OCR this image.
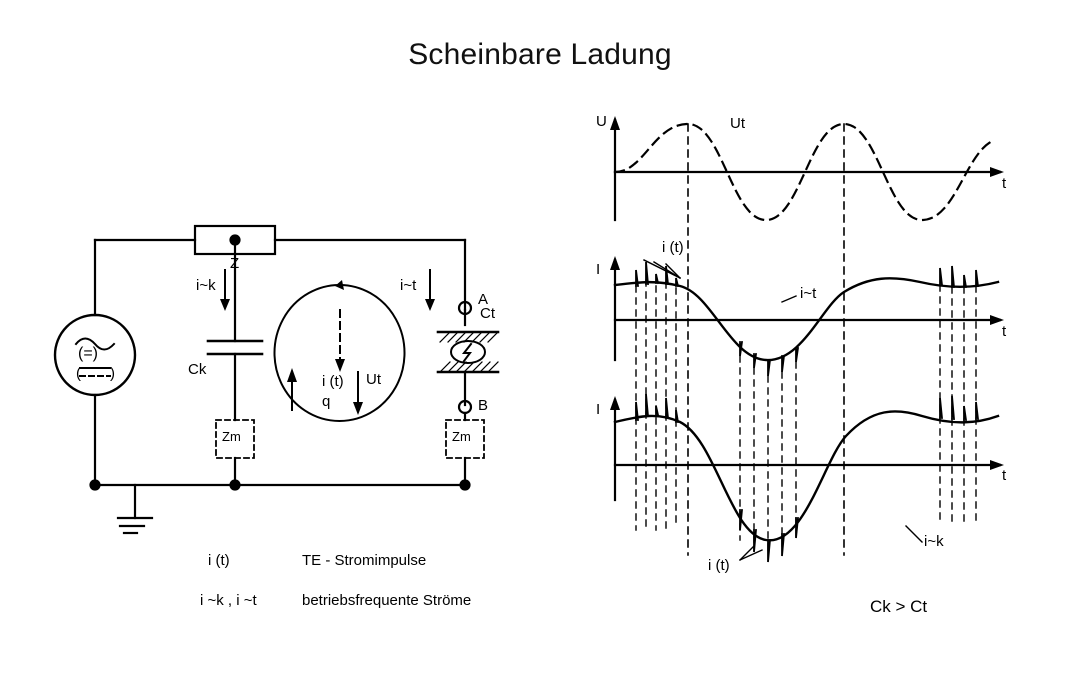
Scheinbare Ladung
( )
Z
i~k	i~t
(=)
Ck
Ct
A
B
Zm	Zm
i (t)
q
Ut
i (t)	TE - Stromimpulse
i ~k , i ~t	betriebsfrequente Ströme
U
t
Ut
I
t
i (t)
i~t
I
t
i (t)
i~k
Ck > Ct
